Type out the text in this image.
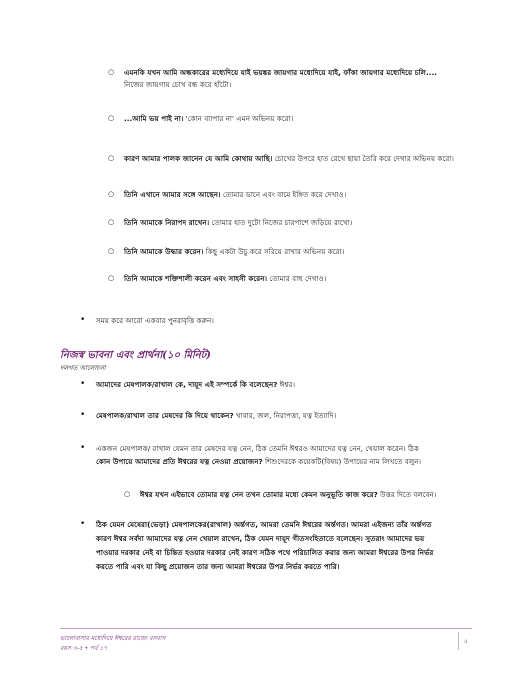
○ এমনকি যখন আমি অন্ধকারের মধ্যেদিয়ে যাই ভয়ঙ্কর জায়গার মধ্যেদিয়ে যাই, ফাঁকা জায়গার মধ্যেদিয়ে চলি....
নিজের জায়গায় চোখ বন্ধ করে হাঁটো।
○ ...আমি ভয় পাই না। 'কোন ব্যাপার না' এমন অভিনয় করো।
○ কারণ আমার পালক জানেন যে আমি কোথায় আছি। চোখের উপরে হাত রেখে ছায়া তৈরি করে দেখার অভিনয় করো।
○ তিনি এখানে আমার সঙ্গে আছেন। তোমার ডানে এবং বামে ইঙ্গিত করে দেখাও।
○ তিনি আমাকে নিরাপদ রাখেন। তোমার হাত দুটো নিজের চারপাশে জড়িয়ে রাখো।
○ তিনি আমাকে উদ্ধার করেন। কিছু একটা উচু করে সরিয়ে রাখার অভিনয় করো।
○ তিনি আমাকে শক্তিশালী করেন এবং সাহসী করেন। তোমার বাহু দেখাও।
• সময় করে আরো একবার পুনরাবৃত্তি করুন।
নিজস্ব ভাবনা এবং প্রার্থনা(১০ মিনিট)
দলগত আলোচনা
• আমাদের মেষপালক/রাখাল কে, দায়ূদ এই সম্পর্কে কি বলেছেন? ঈশ্বর।
• মেষপালক/রাখাল তার মেষদের কি দিয়ে থাকেন? খাবার, জল, নিরাপত্তা, যত্ন ইত্যাদি।
• একজন মেষপালক/ রাখাল যেমন তার মেষদের যত্ন নেন, ঠিক তেমনি ঈশ্বরও আমাদের যত্ন নেন, খেয়াল করেন। ঠিক
কোন উপায়ে আমাদের প্রতি ঈশ্বরের যত্ন নেওয়া প্রয়োজন? শিশুদেরকে কয়েকটি(বিষয়) উপায়ের নাম লিখতে বলুন।
○ ঈশ্বর যখন এইভাবে তোমার যত্ন নেন তখন তোমার মধ্যে কেমন অনুভূতি কাজ করে? উত্তর দিতে বলবেন।
• ঠিক যেমন মেষেরা(ভেড়া) মেষপালকের(রাখাল) অর্ন্তগত, আমরা তেমনি ঈশ্বরের অর্ন্তগত। আমরা এইজন্য তাঁর অর্ন্তগত
কারণ ঈশ্বর সর্বদা আমাদের যত্ন নেন খেয়াল রাখেন, ঠিক যেমন দায়ূদ গীতসংহিতাতে বলেছেন। সুতরাং আমাদের ভয়
পাওয়ার দরকার নেই বা চিন্তিত হওয়ার দরকার নেই কারণ সঠিক পথে পরিচালিত করার জন্য আমরা ঈশ্বরের উপর নির্ভর
করতে পারি এবং যা কিছু প্রয়োজন তার জন্য আমরা ঈশ্বরের উপর নির্ভর করতে পারি।
ভালোবাসার মধ্যেদিয়ে ঈশ্বরের রাজ্যে বসবাস
বয়স ৩-৫ • পর্ব ১৭
৫
